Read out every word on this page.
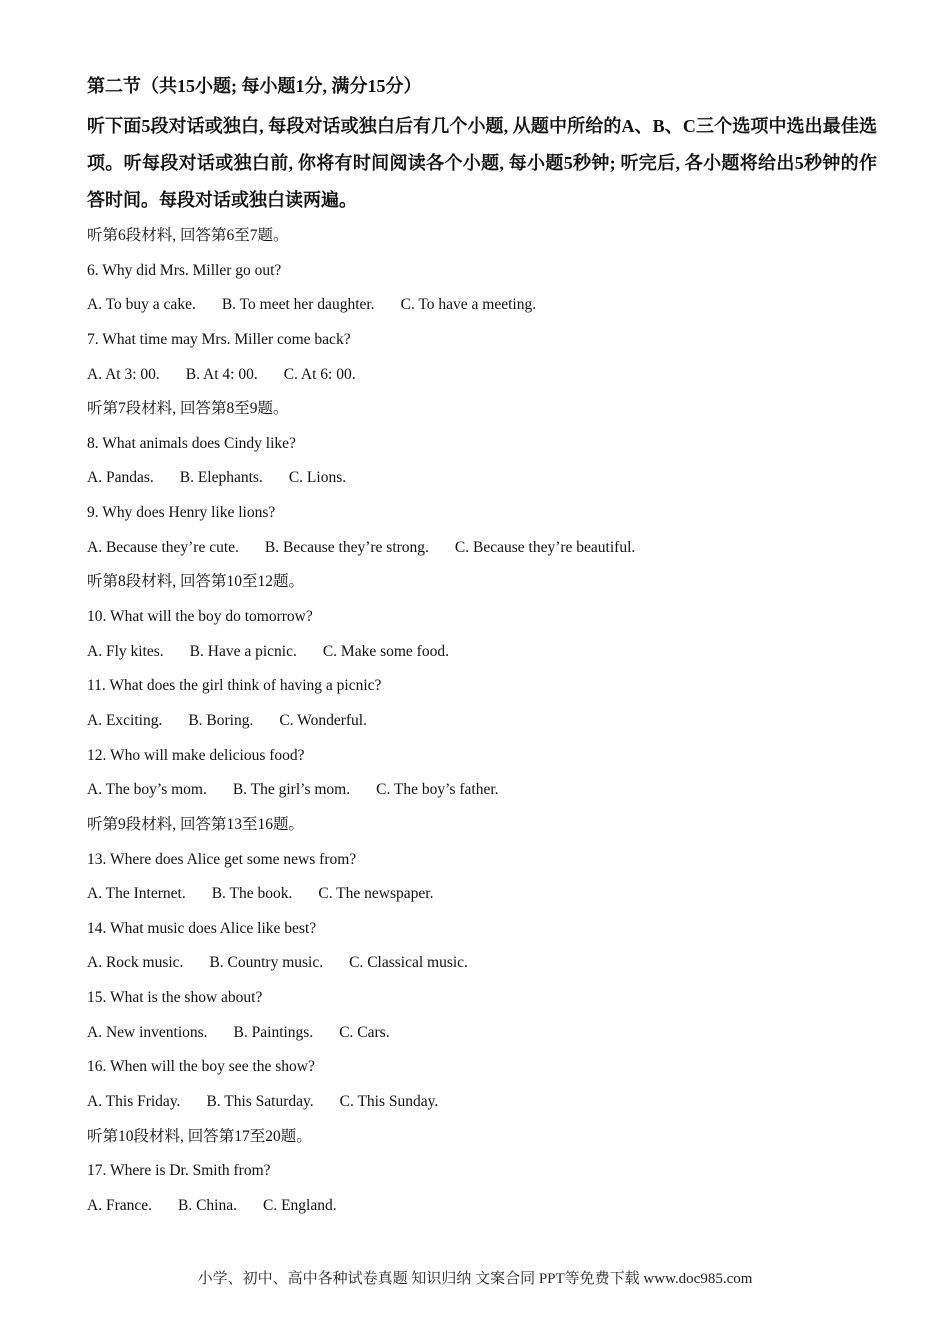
第二节（共15小题; 每小题1分, 满分15分）
听下面5段对话或独白, 每段对话或独白后有几个小题, 从题中所给的A、B、C三个选项中选出最佳选项。听每段对话或独白前, 你将有时间阅读各个小题, 每小题5秒钟; 听完后, 各小题将给出5秒钟的作答时间。每段对话或独白读两遍。
听第6段材料, 回答第6至7题。
6. Why did Mrs. Miller go out?
A. To buy a cake. B. To meet her daughter. C. To have a meeting.
7. What time may Mrs. Miller come back?
A. At 3: 00. B. At 4: 00. C. At 6: 00.
听第7段材料, 回答第8至9题。
8. What animals does Cindy like?
A. Pandas. B. Elephants. C. Lions.
9. Why does Henry like lions?
A. Because they’re cute. B. Because they’re strong. C. Because they’re beautiful.
听第8段材料, 回答第10至12题。
10. What will the boy do tomorrow?
A. Fly kites. B. Have a picnic. C. Make some food.
11. What does the girl think of having a picnic?
A. Exciting. B. Boring. C. Wonderful.
12. Who will make delicious food?
A. The boy’s mom. B. The girl’s mom. C. The boy’s father.
听第9段材料, 回答第13至16题。
13. Where does Alice get some news from?
A. The Internet. B. The book. C. The newspaper.
14. What music does Alice like best?
A. Rock music. B. Country music. C. Classical music.
15. What is the show about?
A. New inventions. B. Paintings. C. Cars.
16. When will the boy see the show?
A. This Friday. B. This Saturday. C. This Sunday.
听第10段材料, 回答第17至20题。
17. Where is Dr. Smith from?
A. France. B. China. C. England.
小学、初中、高中各种试卷真题 知识归纳 文案合同 PPT等免费下载 www.doc985.com
